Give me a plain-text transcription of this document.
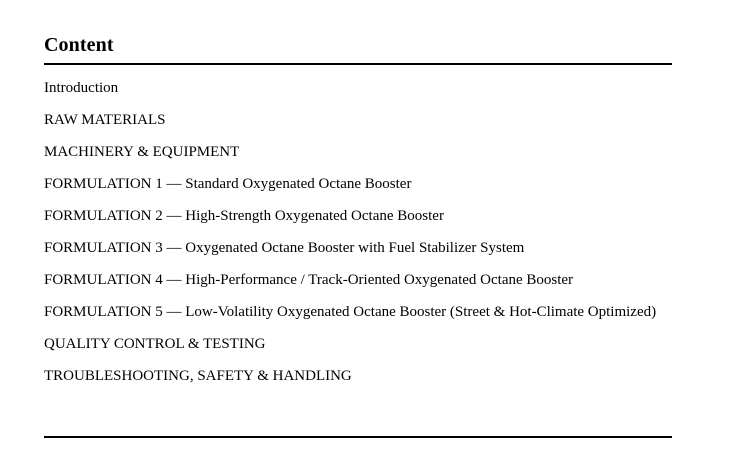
Content
Introduction
RAW MATERIALS
MACHINERY & EQUIPMENT
FORMULATION 1 — Standard Oxygenated Octane Booster
FORMULATION 2 — High-Strength Oxygenated Octane Booster
FORMULATION 3 — Oxygenated Octane Booster with Fuel Stabilizer System
FORMULATION 4 — High-Performance / Track-Oriented Oxygenated Octane Booster
FORMULATION 5 — Low-Volatility Oxygenated Octane Booster (Street & Hot-Climate Optimized)
QUALITY CONTROL & TESTING
TROUBLESHOOTING, SAFETY & HANDLING
